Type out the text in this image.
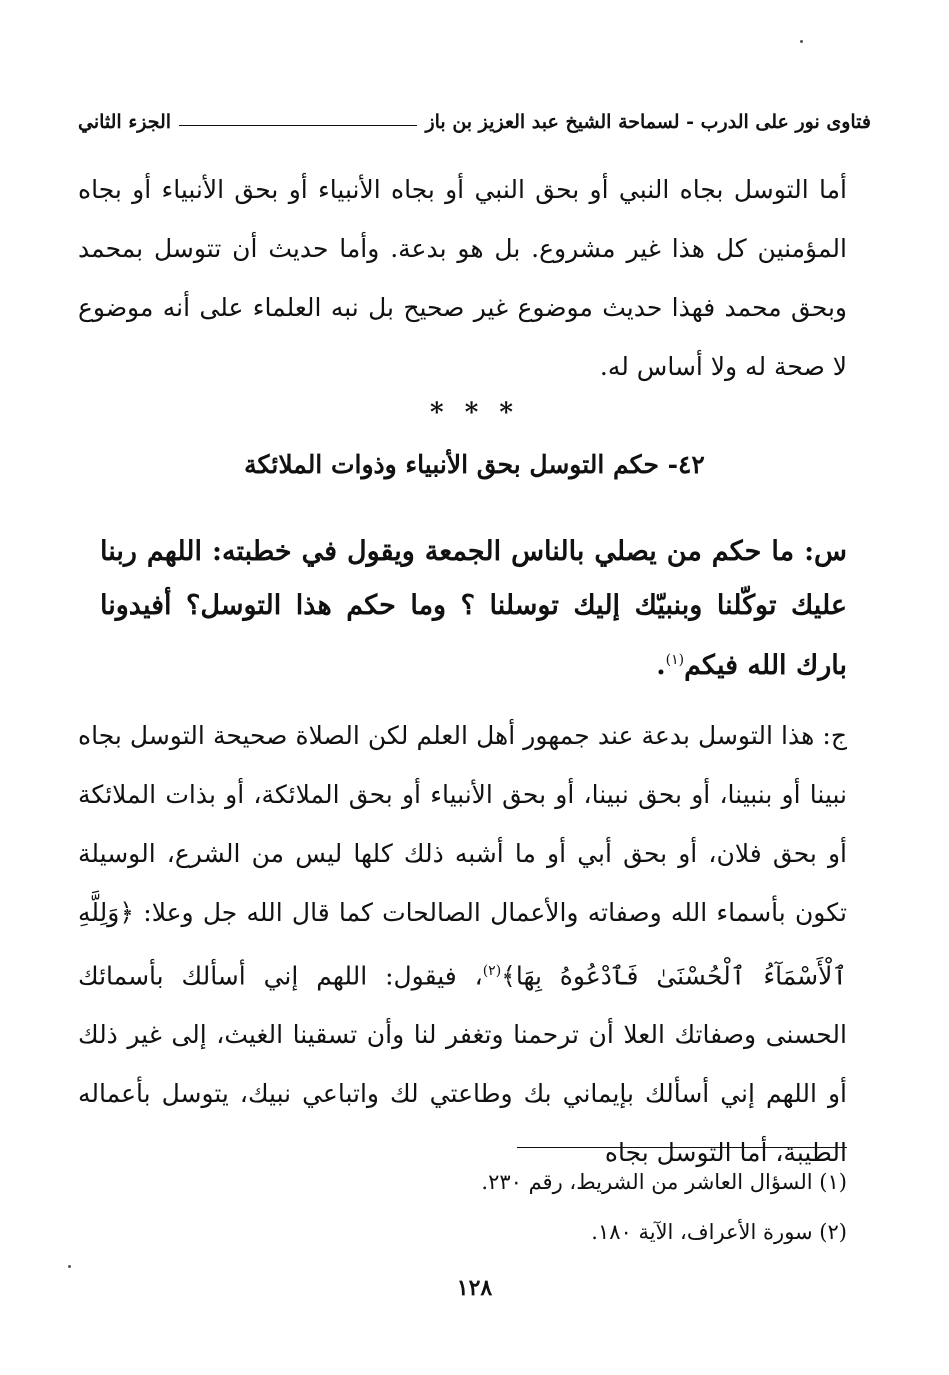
فتاوى نور على الدرب

- لسماحة الشيخ عبد العزيز بن باز
الجزء الثاني
أما التوسل بجاه النبي أو بحق النبي أو بجاه الأنبياء أو بحق الأنبياء أو بجاه المؤمنين كل هذا غير مشروع. بل هو بدعة. وأما حديث أن تتوسل بمحمد وبحق محمد فهذا حديث موضوع غير صحيح بل نبه العلماء على أنه موضوع لا صحة له ولا أساس له.
* * *
٤٢- حكم التوسل بحق الأنبياء وذوات الملائكة
س: ما حكم من يصلي بالناس الجمعة ويقول في خطبته: اللهم ربنا عليك توكّلنا وبنبيّك إليك توسلنا ؟ وما حكم هذا التوسل؟ أفيدونا بارك الله فيكم$^{(١)}$.
ج: هذا التوسل بدعة عند جمهور أهل العلم لكن الصلاة صحيحة التوسل بجاه نبينا أو بنبينا، أو بحق نبينا، أو بحق الأنبياء أو بحق الملائكة، أو بذات الملائكة أو بحق فلان، أو بحق أبي أو ما أشبه ذلك كلها ليس من الشرع، الوسيلة تكون بأسماء الله وصفاته والأعمال الصالحات كما قال الله جل وعلا: ﴿وَلِلَّهِ ٱلْأَسْمَآءُ ٱلْحُسْنَىٰ فَٱدْعُوهُ بِهَا﴾$^{(٢)}$، فيقول: اللهم إني أسألك بأسمائك الحسنى وصفاتك العلا أن ترحمنا وتغفر لنا وأن تسقينا الغيث، إلى غير ذلك أو اللهم إني أسألك بإيماني بك وطاعتي لك واتباعي نبيك، يتوسل بأعماله الطيبة، أما التوسل بجاه
(١) السؤال العاشر من الشريط، رقم ٢٣٠.
(٢) سورة الأعراف، الآية ١٨٠.
١٢٨
